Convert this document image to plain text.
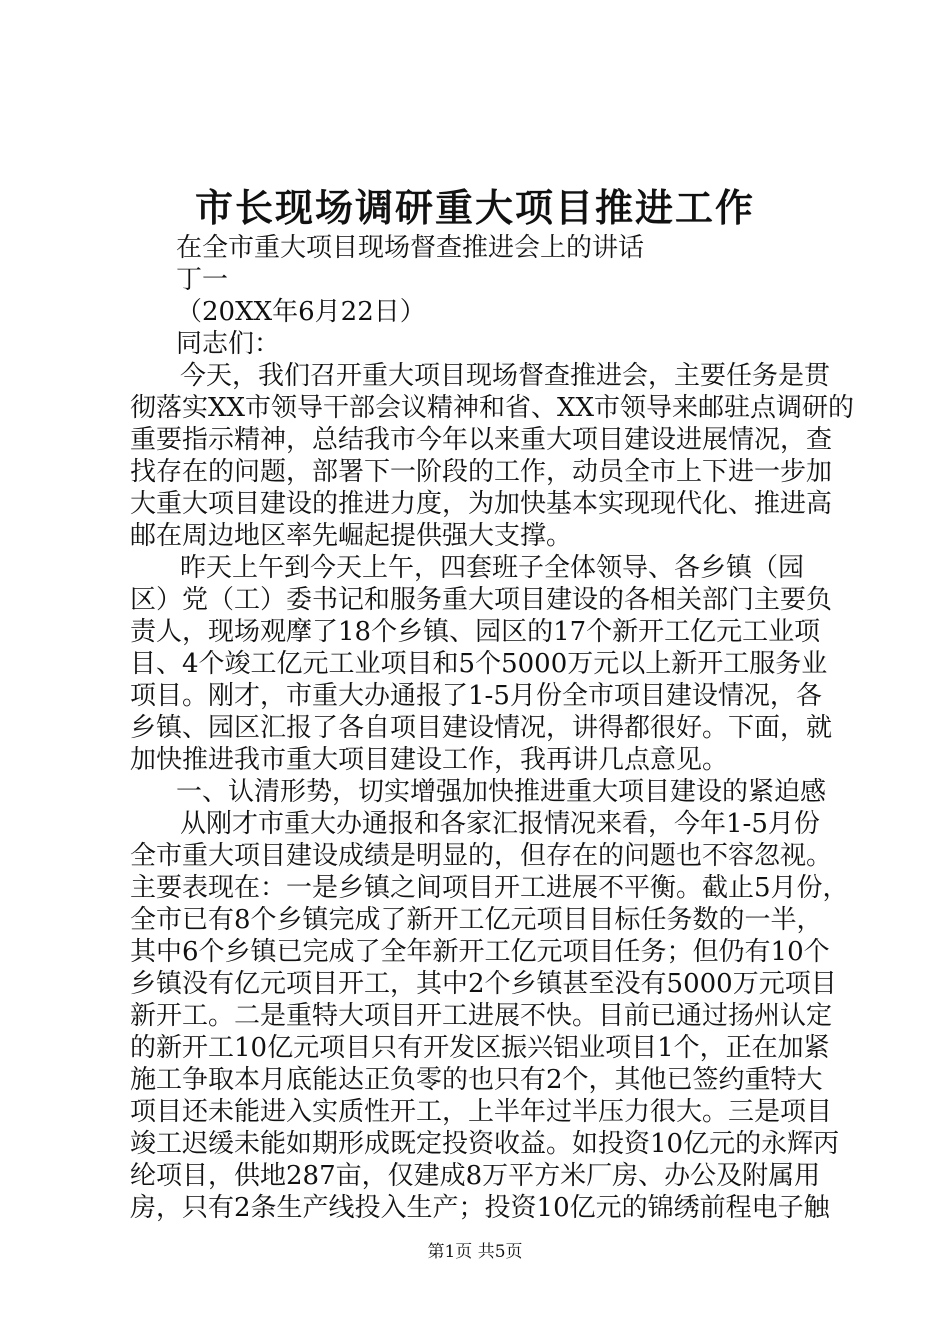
市长现场调研重大项目推进工作
在全市重大项目现场督查推进会上的讲话
丁一
（20XX年6月22日）
同志们：
今天，我们召开重大项目现场督查推进会，主要任务是贯
彻落实XX市领导干部会议精神和省、XX市领导来邮驻点调研的
重要指示精神，总结我市今年以来重大项目建设进展情况，查
找存在的问题，部署下一阶段的工作，动员全市上下进一步加
大重大项目建设的推进力度，为加快基本实现现代化、推进高
邮在周边地区率先崛起提供强大支撑。
昨天上午到今天上午，四套班子全体领导、各乡镇（园
区）党（工）委书记和服务重大项目建设的各相关部门主要负
责人，现场观摩了18个乡镇、园区的17个新开工亿元工业项
目、4个竣工亿元工业项目和5个5000万元以上新开工服务业
项目。刚才，市重大办通报了1-5月份全市项目建设情况，各
乡镇、园区汇报了各自项目建设情况，讲得都很好。下面，就
加快推进我市重大项目建设工作，我再讲几点意见。
一、认清形势，切实增强加快推进重大项目建设的紧迫感
从刚才市重大办通报和各家汇报情况来看，今年1-5月份
全市重大项目建设成绩是明显的，但存在的问题也不容忽视。
主要表现在：一是乡镇之间项目开工进展不平衡。截止5月份，
全市已有8个乡镇完成了新开工亿元项目目标任务数的一半，
其中6个乡镇已完成了全年新开工亿元项目任务；但仍有10个
乡镇没有亿元项目开工，其中2个乡镇甚至没有5000万元项目
新开工。二是重特大项目开工进展不快。目前已通过扬州认定
的新开工10亿元项目只有开发区振兴铝业项目1个，正在加紧
施工争取本月底能达正负零的也只有2个，其他已签约重特大
项目还未能进入实质性开工，上半年过半压力很大。三是项目
竣工迟缓未能如期形成既定投资收益。如投资10亿元的永辉丙
纶项目，供地287亩，仅建成8万平方米厂房、办公及附属用
房，只有2条生产线投入生产；投资10亿元的锦绣前程电子触
第1页 共5页
